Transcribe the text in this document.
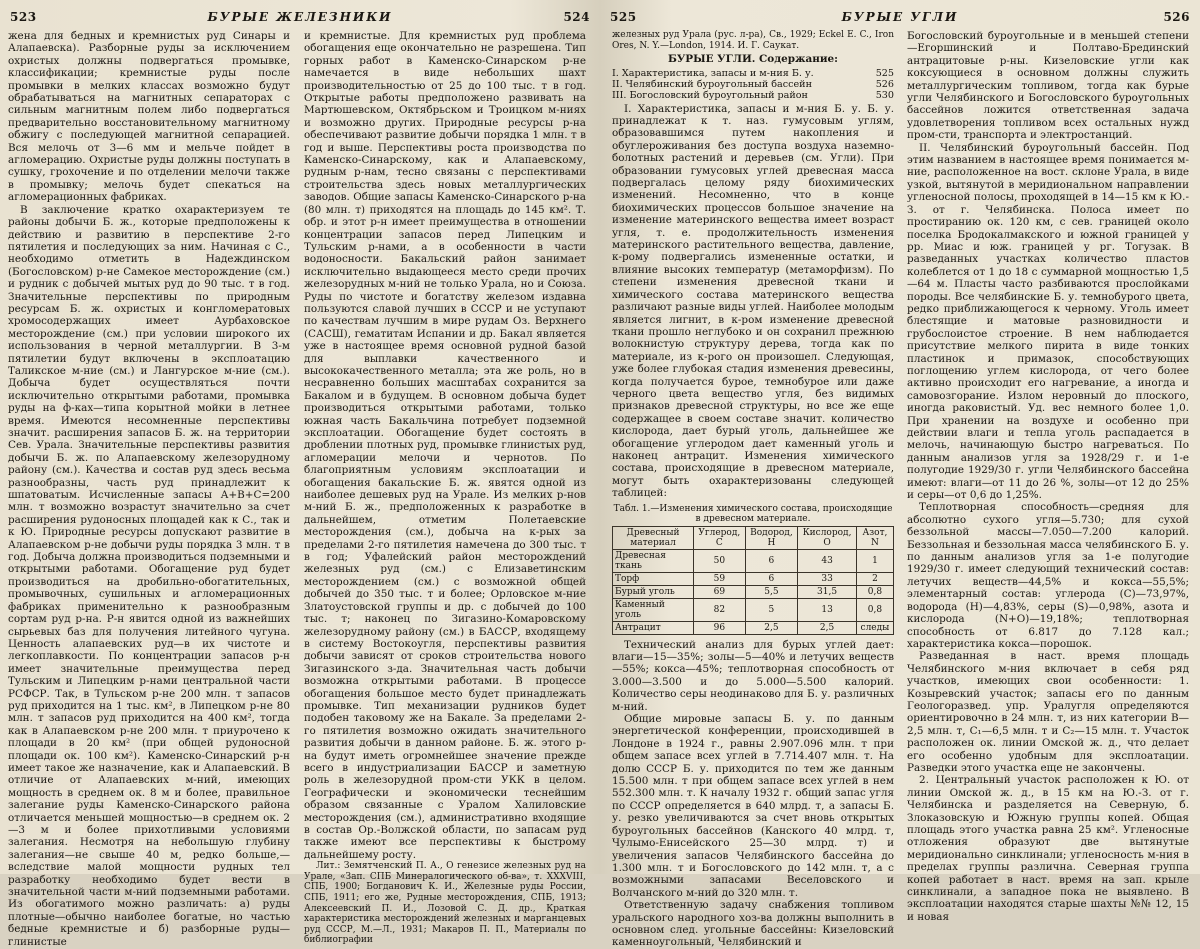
523	БУРЫЕ ЖЕЛЕЗНИКИ	524

жена для бедных и кремнистых руд Синары и Алапаевска). Разборные руды за исключением охристых должны подвергаться промывке, классификации; кремнистые руды после промывки в мелких классах возможно будут обрабатываться на магнитных сепараторах с сильным магнитным полем либо подвергаться предварительно восстановительному магнитному обжигу с последующей магнитной сепарацией. Вся мелочь от 3—6 мм и мельче пойдет в агломерацию. Охристые руды должны поступать в сушку, грохочение и по отделении мелочи также в промывку; мелочь будет спекаться на агломерационных фабриках.

В заключение кратко охарактеризуем те районы добычи Б. ж., которые предположены к действию и развитию в перспективе 2-го пятилетия и последующих за ним. Начиная с С., необходимо отметить в Надеждинском (Богословском) р-не Самекое месторождение (см.) и рудник с добычей мытых руд до 90 тыс. т в год. Значительные перспективы по природным ресурсам Б. ж. охристых и конгломератовых хромосодержащих имеет Аурбаховское месторождение (см.) при условии широкого их использования в черной металлургии. В 3-м пятилетии будут включены в эксплоатацию Таликское м-ние (см.) и Лангурское м-ние (см.). Добыча будет осуществляться почти исключительно открытыми работами, промывка руды на ф-ках—типа корытной мойки в летнее время. Имеются несомненные перспективы значит. расширения запасов Б. ж. на территории Сев. Урала. Значительные перспективы развития добычи Б. ж. по Алапаевскому железорудному району (см.). Качества и состав руд здесь весьма разнообразны, часть руд принадлежит к шпатоватым. Исчисленные запасы А+В+С=200 млн. т возможно возрастут значительно за счет расширения рудоносных площадей как к С., так и к Ю. Природные ресурсы допускают развитие в Алапаевском р-не добычи руды порядка 3 млн. т в год. Добыча должна производиться подземными и открытыми работами. Обогащение руд будет производиться на дробильно-обогатительных, промывочных, сушильных и агломерационных фабриках применительно к разнообразным сортам руд р-на. Р-н явится одной из важнейших сырьевых баз для получения литейного чугуна. Ценность алапаевских руд—в их чистоте и легкоплавкости. По концентрации запасов р-н имеет значительные преимущества перед Тульским и Липецким р-нами центральной части РСФСР. Так, в Тульском р-не 200 млн. т запасов руд приходится на 1 тыс. км², в Липецком р-не 80 млн. т запасов руд приходится на 400 км², тогда как в Алапаевском р-не 200 млн. т приурочено к площади в 20 км² (при общей рудоносной площади ок. 100 км²). Каменско-Синарский р-н имеет такое же назначение, как и Алапаевский. В отличие от Алапаевских м-ний, имеющих мощность в среднем ок. 8 м и более, правильное залегание руды Каменско-Синарского района отличается меньшей мощностью—в среднем ок. 2—3 м и более прихотливыми условиями залегания. Несмотря на небольшую глубину залегания—не свыше 40 м, редко больше,—вследствие малой мощности рудных тел разработку необходимо будет вести в значительной части м-ний подземными работами. Из обогатимого можно различать: а) руды плотные—обычно наиболее богатые, но частью бедные кремнистые и б) разборные руды—глинистые

и кремнистые. Для кремнистых руд проблема обогащения еще окончательно не разрешена. Тип горных работ в Каменско-Синарском р-не намечается в виде небольших шахт производительностью от 25 до 100 тыс. т в год. Открытые работы предположено развивать на Мартюшевском, Октябрьском и Троицком м-ниях и возможно других. Природные ресурсы р-на обеспечивают развитие добычи порядка 1 млн. т в год и выше. Перспективы роста производства по Каменско-Синарскому, как и Алапаевскому, рудным р-нам, тесно связаны с перспективами строительства здесь новых металлургических заводов. Общие запасы Каменско-Синарского р-на (80 млн. т) приходятся на площадь до 145 км². Т. обр. и этот р-н имеет преимущества в отношении концентрации запасов перед Липецким и Тульским р-нами, а в особенности в части водоносности. Бакальский район занимает исключительно выдающееся место среди прочих железорудных м-ний не только Урала, но и Союза. Руды по чистоте и богатству железом издавна пользуются славой лучших в СССР и не уступают по качествам лучшим в мире рудам Оз. Верхнего (САСШ), гематитам Испании и др. Бакал является уже в настоящее время основной рудной базой для выплавки качественного и высококачественного металла; эта же роль, но в несравненно больших масштабах сохранится за Бакалом и в будущем. В основном добыча будет производиться открытыми работами, только южная часть Бакальчина потребует подземной эксплоатации. Обогащение будет состоять в дроблении плотных руд, промывке глинистых руд, агломерации мелочи и чернотов. По благоприятным условиям эксплоатации и обогащения бакальские Б. ж. явятся одной из наиболее дешевых руд на Урале. Из мелких р-нов м-ний Б. ж., предположенных к разработке в дальнейшем, отметим Полетаевские месторождения (см.), добыча на к-рых за пределами 2-го пятилетия намечена до 300 тыс. т в год; Уфалейский район месторождений железных руд (см.) с Елизаветинским месторождением (см.) с возможной общей добычей до 350 тыс. т и более; Орловское м-ние Златоустовской группы и др. с добычей до 100 тыс. т; наконец по Зигазино-Комаровскому железорудному району (см.) в БАССР, входящему в систему Востокоугля, перспективы развития добычи зависят от сроков строительства нового Зигазинского з-да. Значительная часть добычи возможна открытыми работами. В процессе обогащения большое место будет принадлежать промывке. Тип механизации рудников будет подобен таковому же на Бакале. За пределами 2-го пятилетия возможно ожидать значительного развития добычи в данном районе. Б. ж. этого р-на будут иметь огромнейшее значение прежде всего в индустриализации БАССР и заметную роль в железорудной пром-сти УКК в целом. Географически и экономически теснейшим образом связанные с Уралом Халиловские месторождения (см.), административно входящие в состав Ор.-Волжской области, по запасам руд также имеют все перспективы к быстрому дальнейшему росту.

Лит.: Земятченский П. А., О генезисе железных руд на Урале, «Зап. СПБ Минералогического об-ва», т. XXXVIII, СПБ, 1900; Богданович К. И., Железные руды России, СПБ, 1911; его же, Рудные месторождения, СПБ, 1913; Алексеевский П. И., Лозовой С. Д. др., Краткая характеристика месторождений железных и марганцевых руд СССР, М.—Л., 1931; Макаров П. П., Материалы по библиографии

525	БУРЫЕ УГЛИ	526

железных руд Урала (рус. л-ра), Св., 1929; Eckel E. C., Iron Ores, N. Y.—London, 1914. И. Г. Саукат.

БУРЫЕ УГЛИ. Содержание:
I. Характеристика, запасы и м-ния Б. у.	525
II. Челябинский буроугольный бассейн	526
III. Богословский буроугольный район	530

I. Характеристика, запасы и м-ния Б. у. Б. у. принадлежат к т. наз. гумусовым углям, образовавшимся путем накопления и обуглероживания без доступа воздуха наземно-болотных растений и деревьев (см. Угли). При образовании гумусовых углей древесная масса подвергалась целому ряду биохимических изменений. Несомненно, что в конце биохимических процессов большое значение на изменение материнского вещества имеет возраст угля, т. е. продолжительность изменения материнского растительного вещества, давление, к-рому подвергались измененные остатки, и влияние высоких температур (метаморфизм). По степени изменения древесной ткани и химического состава материнского вещества различают разные виды углей. Наиболее молодым является лигнит, в к-ром изменение древесной ткани прошло неглубоко и он сохранил прежнюю волокнистую структуру дерева, тогда как по материале, из к-рого он произошел. Следующая, уже более глубокая стадия изменения древесины, когда получается бурое, темнобурое или даже черного цвета вещество угля, без видимых признаков древесной структуры, но все же еще содержащее в своем составе значит. количество кислорода, дает бурый уголь, дальнейшее же обогащение углеродом дает каменный уголь и наконец антрацит. Изменения химического состава, происходящие в древесном материале, могут быть охарактеризованы следующей таблицей:

Табл. 1.—Изменения химического состава, происходящие в древесном материале.
Древесный материал	Углерод, C	Водород, H	Кислород, O	Азот, N
Древесная ткань	50	6	43	1
Торф	59	6	33	2
Бурый уголь	69	5,5	31,5	0,8
Каменный уголь	82	5	13	0,8
Антрацит	96	2,5	2,5	следы

Технический анализ для бурых углей дает: влаги—15—35%; золы—5—40% и летучих веществ—55%; кокса—45%; теплотворная способность от 3.000—3.500 и до 5.000—5.500 калорий. Количество серы неодинаково для Б. у. различных м-ний.

Общие мировые запасы Б. у. по данным энергетической конференции, происходившей в Лондоне в 1924 г., равны 2.907.096 млн. т при общем запасе всех углей в 7.714.407 млн. т. На долю СССР Б. у. приходится по тем же данным 15.500 млн. т при общем запасе всех углей в нем 552.300 млн. т. К началу 1932 г. общий запас угля по СССР определяется в 640 млрд. т, а запасы Б. у. резко увеличиваются за счет вновь открытых буроугольных бассейнов (Канского 40 млрд. т, Чулымо-Енисейского 25—30 млрд. т) и увеличения запасов Челябинского бассейна до 1.300 млн. т и Богословского до 142 млн. т, а с возможными запасами Веселовского и Волчанского м-ний до 320 млн. т.

Ответственную задачу снабжения топливом уральского народного хоз-ва должны выполнить в основном след. угольные бассейны: Кизеловский каменноугольный, Челябинский и

Богословский буроугольные и в меньшей степени—Егоршинский и Полтаво-Брединский антрацитовые р-ны. Кизеловские угли как коксующиеся в основном должны служить металлургическим топливом, тогда как бурые угли Челябинского и Богословского буроугольных бассейнов ложится ответственная задача удовлетворения топливом всех остальных нужд пром-сти, транспорта и электростанций.

II. Челябинский буроугольный бассейн. Под этим названием в настоящее время понимается м-ние, расположенное на вост. склоне Урала, в виде узкой, вытянутой в меридиональном направлении угленосной полосы, проходящей в 14—15 км к Ю.-З. от г. Челябинска. Полоса имеет по простиранию ок. 120 км, с сев. границей около поселка Бродокалмакского и южной границей у рр. Миас и юж. границей у рг. Тогузак. В разведанных участках количество пластов колеблется от 1 до 18 с суммарной мощностью 1,5—64 м. Пласты часто разбиваются прослойками породы. Все челябинские Б. у. темнобурого цвета, редко приближающегося к черному. Уголь имеет блестящие и матовые разновидности и грубослоистое строение. В нем наблюдается присутствие мелкого пирита в виде тонких пластинок и примазок, способствующих поглощению углем кислорода, от чего более активно происходит его нагревание, а иногда и самовозгорание. Излом неровный до плоского, иногда раковистый. Уд. вес немного более 1,0. При хранении на воздухе и особенно при действии влаги и тепла уголь распадается в мелочь, начинающую быстро нагреваться. По данным анализов угля за 1928/29 г. и 1-е полугодие 1929/30 г. угли Челябинского бассейна имеют: влаги—от 11 до 26 %, золы—от 12 до 25% и серы—от 0,6 до 1,25%.

Теплотворная способность—средняя для абсолютно сухого угля—5.730; для сухой беззольной массы—7.050—7.200 калорий. Беззольная и беззольная масса челябинского Б. у. по данным анализов угля за 1-е полугодие 1929/30 г. имеет следующий технический состав: летучих веществ—44,5% и кокса—55,5%; элементарный состав: углерода (C)—73,97%, водорода (H)—4,83%, серы (S)—0,98%, азота и кислорода (N+O)—19,18%; теплотворная способность от 6.817 до 7.128 кал.; характеристика кокса—порошок.

Разведанная в наст. время площадь Челябинского м-ния включает в себя ряд участков, имеющих свои особенности: 1. Козыревский участок; запасы его по данным Геологоразвед. упр. Уралугля определяются ориентировочно в 24 млн. т, из них категории B—2,5 млн. т, C₁—6,5 млн. т и C₂—15 млн. т. Участок расположен ок. линии Омской ж. д., что делает его особенно удобным для эксплоатации. Разведки этого участка еще не закончены.

2. Центральный участок расположен к Ю. от линии Омской ж. д., в 15 км на Ю.-З. от г. Челябинска и разделяется на Северную, б. Злоказовскую и Южную группы копей. Общая площадь этого участка равна 25 км². Угленосные отложения образуют две вытянутые меридионально синклинали; угленосность м-ния в пределах группы различна. Северная группа копей работает в наст. время на зап. крыле синклинали, а западное пока не выявлено. В эксплоатации находятся старые шахты №№ 12, 15 и новая
